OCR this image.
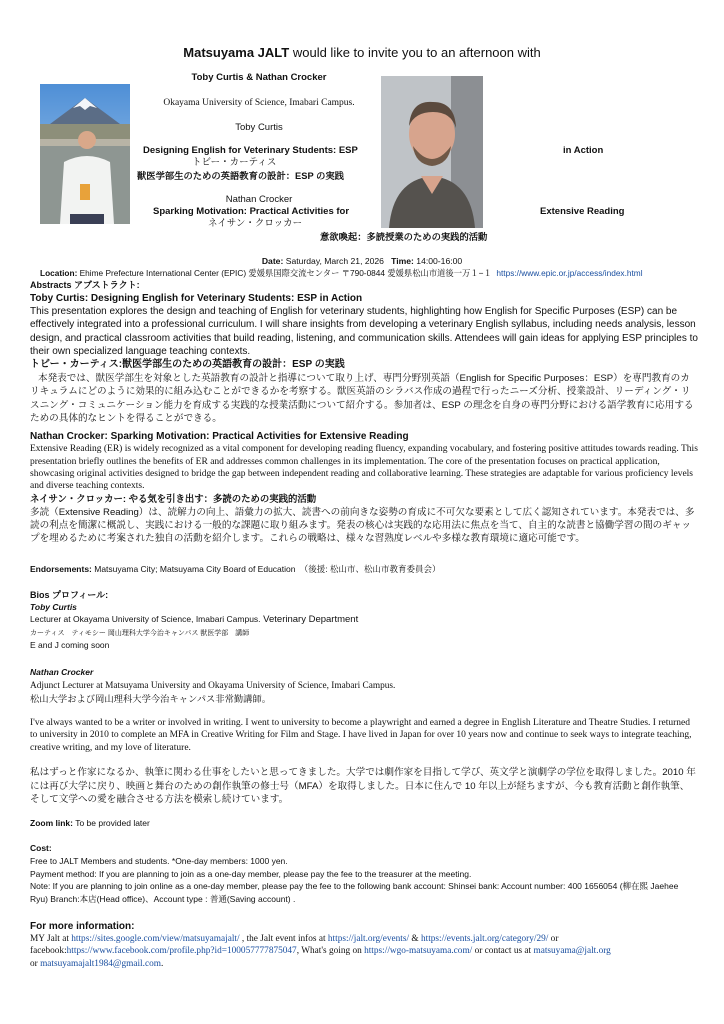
Matsuyama JALT would like to invite you to an afternoon with
Toby Curtis & Nathan Crocker
Okayama University of Science, Imabari Campus.
Toby Curtis
Designing English for Veterinary Students: ESP	in Action
トビー・カーティス
獣医学部生のための英語教育の設計：ESP の実践
Nathan Crocker
Sparking Motivation: Practical Activities for	Extensive Reading
ネイサン・クロッカー
意欲喚起：多読授業のための実践的活動
Date: Saturday, March 21, 2026 Time: 14:00-16:00
Location: Ehime Prefecture International Center (EPIC) 愛媛県国際交流センター 〒790-0844 愛媛県松山市道後一万１−１ https://www.epic.or.jp/access/index.html

Abstracts アブストラクト:

Toby Curtis: Designing English for Veterinary Students: ESP in Action

This presentation explores the design and teaching of English for veterinary students, highlighting how English for Specific Purposes (ESP) can be effectively integrated into a professional curriculum. I will share insights from developing a veterinary English syllabus, including needs analysis, lesson design, and practical classroom activities that build reading, listening, and communication skills. Attendees will gain ideas for applying ESP principles to their own specialized language teaching contexts.

トビー・カーティス:獣医学部生のための英語教育の設計：ESP の実践

本発表では、獣医学部生を対象とした英語教育の設計と指導について取り上げ、専門分野別英語（English for Specific Purposes：ESP）を専門教育のカリキュラムにどのように効果的に組み込むことができるかを考察する。獣医英語のシラバス作成の過程で行ったニーズ分析、授業設計、リーディング・リスニング・コミュニケーション能力を育成する実践的な授業活動について紹介する。参加者は、ESP の理念を自身の専門分野における語学教育に応用するための具体的なヒントを得ることができる。

Nathan Crocker: Sparking Motivation: Practical Activities for Extensive Reading

Extensive Reading (ER) is widely recognized as a vital component for developing reading fluency, expanding vocabulary, and fostering positive attitudes towards reading. This presentation briefly outlines the benefits of ER and addresses common challenges in its implementation. The core of the presentation focuses on practical application, showcasing original activities designed to bridge the gap between independent reading and collaborative learning. These strategies are adaptable for various proficiency levels and diverse teaching contexts.

ネイサン・クロッカー: やる気を引き出す：多読のための実践的活動

多読（Extensive Reading）は、読解力の向上、語彙力の拡大、読書への前向きな姿勢の育成に不可欠な要素として広く認知されています。本発表では、多読の利点を簡潔に概説し、実践における一般的な課題に取り組みます。発表の核心は実践的な応用法に焦点を当て、自主的な読書と協働学習の間のギャップを埋めるために考案された独自の活動を紹介します。これらの戦略は、様々な習熟度レベルや多様な教育環境に適応可能です。

Endorsements: Matsuyama City; Matsuyama City Board of Education　（後援: 松山市、松山市教育委員会）

Bios プロフィール:

Toby Curtis

Lecturer at Okayama University of Science, Imabari Campus. Veterinary Department

カーティス　ティモシー 岡山理科大学今治キャンパス 獣医学部　講師

E and J coming soon

Nathan Crocker

Adjunct Lecturer at Matsuyama University and Okayama University of Science, Imabari Campus.

松山大学および岡山理科大学今治キャンパス非常勤講師。

I've always wanted to be a writer or involved in writing. I went to university to become a playwright and earned a degree in English Literature and Theatre Studies. I returned to university in 2010 to complete an MFA in Creative Writing for Film and Stage. I have lived in Japan for over 10 years now and continue to seek ways to integrate teaching, creative writing, and my love of literature.

私はずっと作家になるか、執筆に関わる仕事をしたいと思ってきました。大学では劇作家を目指して学び、英文学と演劇学の学位を取得しました。2010 年には再び大学に戻り、映画と舞台のための創作執筆の修士号（MFA）を取得しました。日本に住んで 10 年以上が経ちますが、今も教育活動と創作執筆、そして文学への愛を融合させる方法を模索し続けています。

Zoom link: To be provided later

Cost:

Free to JALT Members and students. *One-day members: 1000 yen.

Payment method: If you are planning to join as a one-day member, please pay the fee to the treasurer at the meeting.

Note: If you are planning to join online as a one-day member, please pay the fee to the following bank account: Shinsei bank: Account number: 400 1656054 (柳在熙 Jaehee Ryu) Branch:本店(Head office)、Account type : 普通(Saving account) .

For more information:

MY Jalt at https://sites.google.com/view/matsuyamajalt/ , the Jalt event infos at https://jalt.org/events/ & https://events.jalt.org/category/29/ or facebook:https://www.facebook.com/profile.php?id=100057777875047, What's going on https://wgo-matsuyama.com/ or contact us at matsuyama@jalt.org
or matsuyamajalt1984@gmail.com.
